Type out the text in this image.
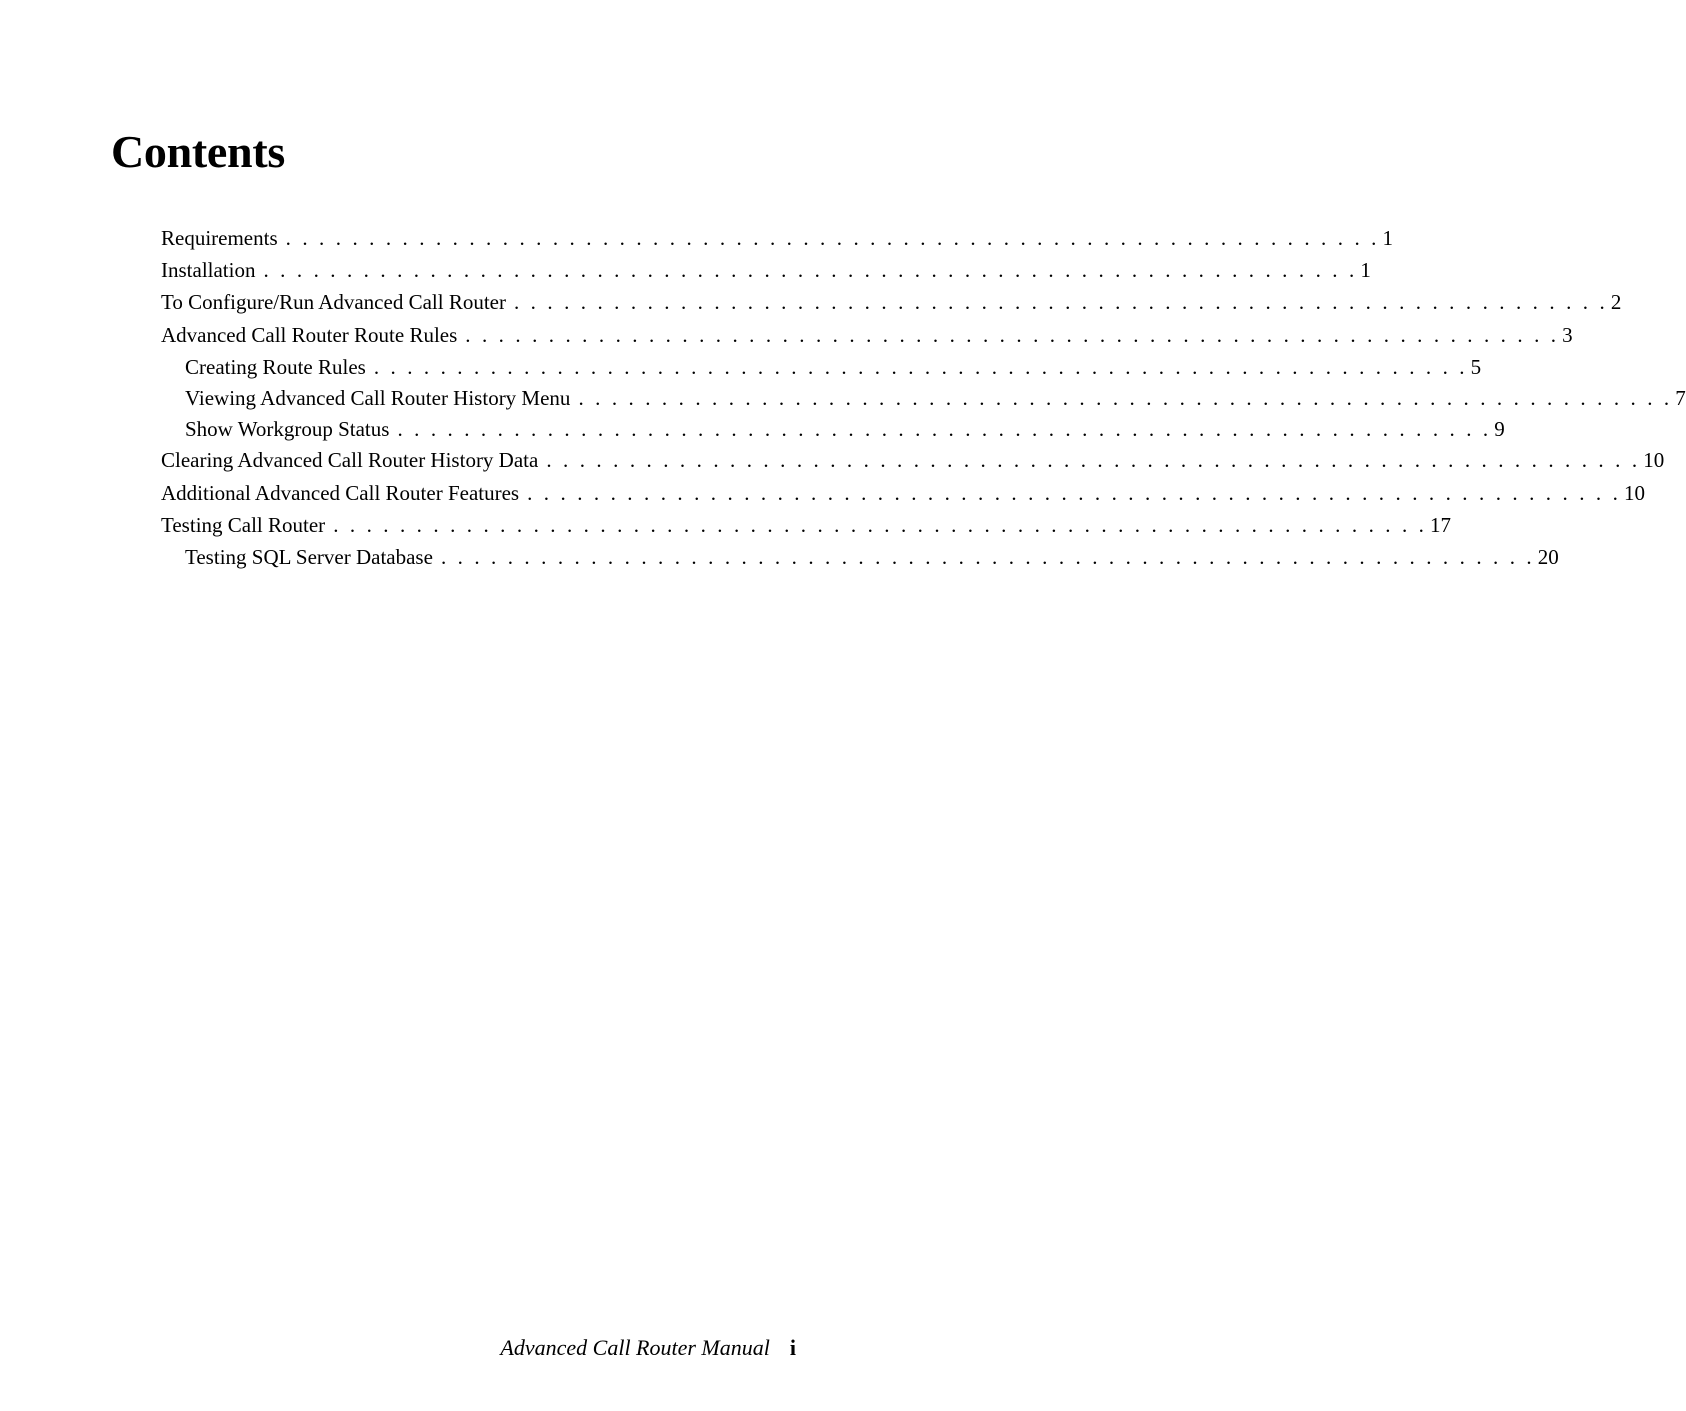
Contents
Requirements . . . . . . . . . . . . . . . . . . . . . . . . . . . . . . . . . . . . . . . . . . . . . . . . . . . . . . . . . . . . . . . . . . 1
Installation . . . . . . . . . . . . . . . . . . . . . . . . . . . . . . . . . . . . . . . . . . . . . . . . . . . . . . . . . . . . . . . . . . 1
To Configure/Run Advanced Call Router . . . . . . . . . . . . . . . . . . . . . . . . . . . . . . . . . . . . . . . . . . . . . . . . . . . . . . . . . . . . . . . . . . 2
Advanced Call Router Route Rules . . . . . . . . . . . . . . . . . . . . . . . . . . . . . . . . . . . . . . . . . . . . . . . . . . . . . . . . . . . . . . . . . . 3
Creating Route Rules . . . . . . . . . . . . . . . . . . . . . . . . . . . . . . . . . . . . . . . . . . . . . . . . . . . . . . . . . . . . . . . . . . 5
Viewing Advanced Call Router History Menu . . . . . . . . . . . . . . . . . . . . . . . . . . . . . . . . . . . . . . . . . . . . . . . . . . . . . . . . . . . . . . . . . . 7
Show Workgroup Status . . . . . . . . . . . . . . . . . . . . . . . . . . . . . . . . . . . . . . . . . . . . . . . . . . . . . . . . . . . . . . . . . . 9
Clearing Advanced Call Router History Data . . . . . . . . . . . . . . . . . . . . . . . . . . . . . . . . . . . . . . . . . . . . . . . . . . . . . . . . . . . . . . . . . . 10
Additional Advanced Call Router Features . . . . . . . . . . . . . . . . . . . . . . . . . . . . . . . . . . . . . . . . . . . . . . . . . . . . . . . . . . . . . . . . . . 10
Testing Call Router . . . . . . . . . . . . . . . . . . . . . . . . . . . . . . . . . . . . . . . . . . . . . . . . . . . . . . . . . . . . . . . . . . 17
Testing SQL Server Database . . . . . . . . . . . . . . . . . . . . . . . . . . . . . . . . . . . . . . . . . . . . . . . . . . . . . . . . . . . . . . . . . . 20
Advanced Call Router Manual i
